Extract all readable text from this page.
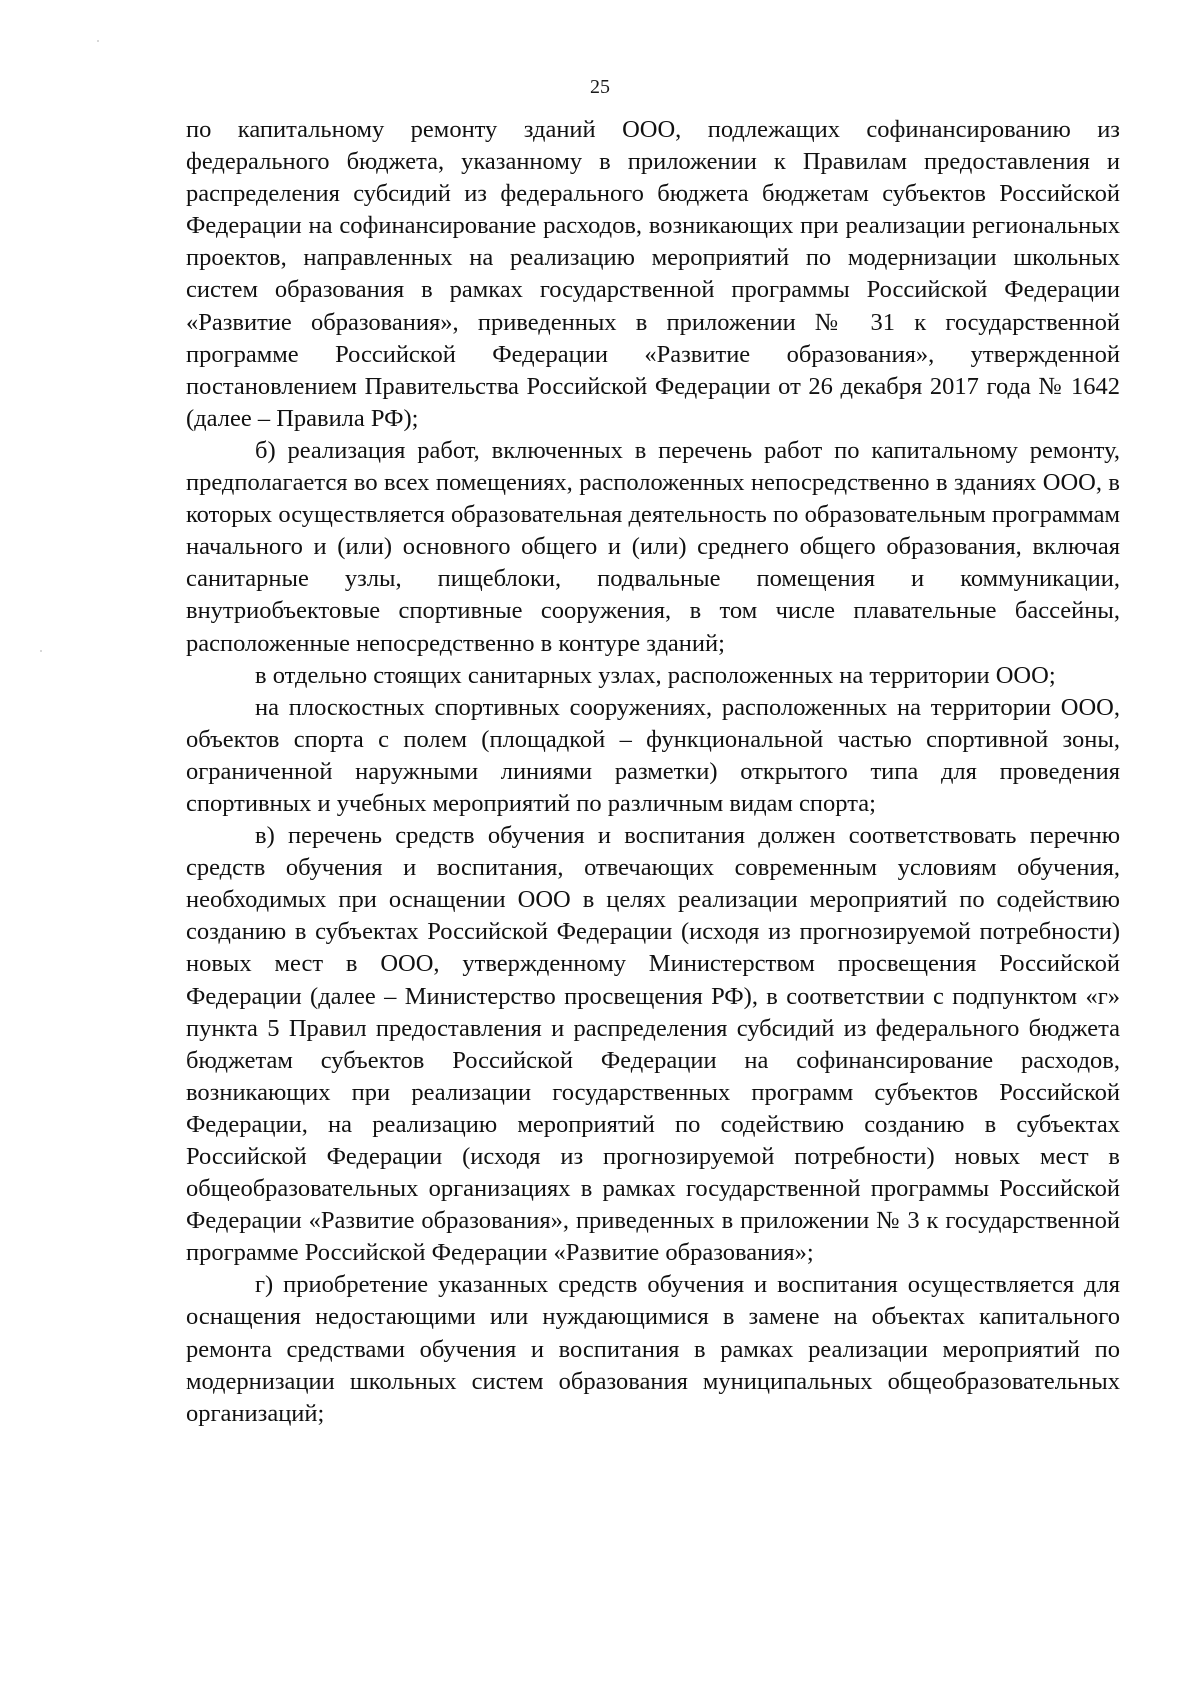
25

по капитальному ремонту зданий ООО, подлежащих софинансированию из федерального бюджета, указанному в приложении к Правилам предоставления и распределения субсидий из федерального бюджета бюджетам субъектов Российской Федерации на софинансирование расходов, возникающих при реализации региональных проектов, направленных на реализацию мероприятий по модернизации школьных систем образования в рамках государственной программы Российской Федерации «Развитие образования», приведенных в приложении № 31 к государственной программе Российской Федерации «Развитие образования», утвержденной постановлением Правительства Российской Федерации от 26 декабря 2017 года № 1642 (далее – Правила РФ);

б) реализация работ, включенных в перечень работ по капитальному ремонту, предполагается во всех помещениях, расположенных непосредственно в зданиях ООО, в которых осуществляется образовательная деятельность по образовательным программам начального и (или) основного общего и (или) среднего общего образования, включая санитарные узлы, пищеблоки, подвальные помещения и коммуникации, внутриобъектовые спортивные сооружения, в том числе плавательные бассейны, расположенные непосредственно в контуре зданий;

в отдельно стоящих санитарных узлах, расположенных на территории ООО;

на плоскостных спортивных сооружениях, расположенных на территории ООО, объектов спорта с полем (площадкой – функциональной частью спортивной зоны, ограниченной наружными линиями разметки) открытого типа для проведения спортивных и учебных мероприятий по различным видам спорта;

в) перечень средств обучения и воспитания должен соответствовать перечню средств обучения и воспитания, отвечающих современным условиям обучения, необходимых при оснащении ООО в целях реализации мероприятий по содействию созданию в субъектах Российской Федерации (исходя из прогнозируемой потребности) новых мест в ООО, утвержденному Министерством просвещения Российской Федерации (далее – Министерство просвещения РФ), в соответствии с подпунктом «г» пункта 5 Правил предоставления и распределения субсидий из федерального бюджета бюджетам субъектов Российской Федерации на софинансирование расходов, возникающих при реализации государственных программ субъектов Российской Федерации, на реализацию мероприятий по содействию созданию в субъектах Российской Федерации (исходя из прогнозируемой потребности) новых мест в общеобразовательных организациях в рамках государственной программы Российской Федерации «Развитие образования», приведенных в приложении № 3 к государственной программе Российской Федерации «Развитие образования»;

г) приобретение указанных средств обучения и воспитания осуществляется для оснащения недостающими или нуждающимися в замене на объектах капитального ремонта средствами обучения и воспитания в рамках реализации мероприятий по модернизации школьных систем образования муниципальных общеобразовательных организаций;
